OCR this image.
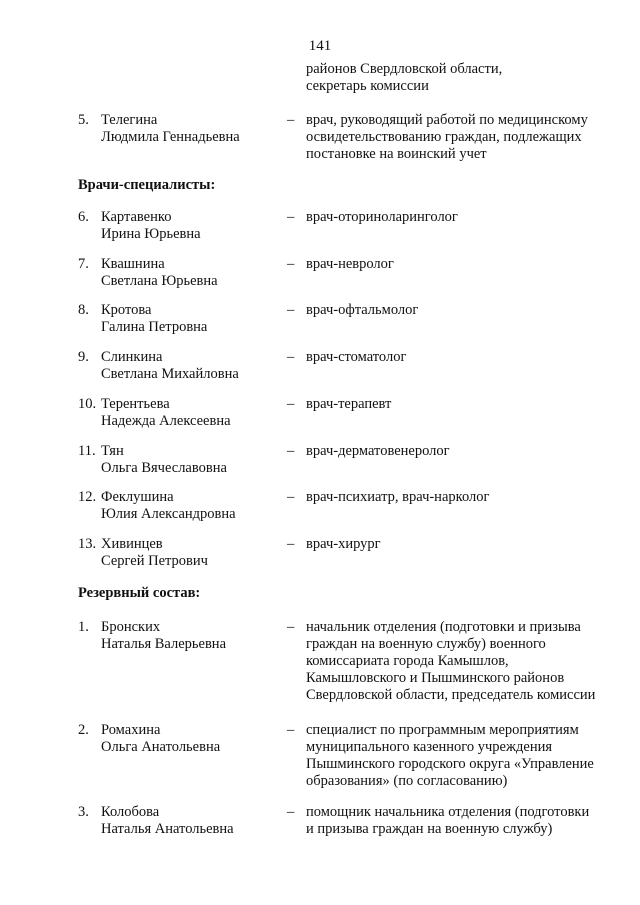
141
районов Свердловской области,
секретарь комиссии
5. Телегина
Людмила Геннадьевна
– врач, руководящий работой по медицинскому
освидетельствованию граждан, подлежащих
постановке на воинский учет
Врачи-специалисты:
6. Картавенко
Ирина Юрьевна
– врач-оториноларинголог
7. Квашнина
Светлана Юрьевна
– врач-невролог
8. Кротова
Галина Петровна
– врач-офтальмолог
9. Слинкина
Светлана Михайловна
– врач-стоматолог
10. Терентьева
Надежда Алексеевна
– врач-терапевт
11. Тян
Ольга Вячеславовна
– врач-дерматовенеролог
12. Феклушина
Юлия Александровна
– врач-психиатр, врач-нарколог
13. Хивинцев
Сергей Петрович
– врач-хирург
Резервный состав:
1. Бронских
Наталья Валерьевна
– начальник отделения (подготовки и призыва
граждан на военную службу) военного
комиссариата города Камышлов,
Камышловского и Пышминского районов
Свердловской области, председатель комиссии
2. Ромахина
Ольга Анатольевна
– специалист по программным мероприятиям
муниципального казенного учреждения
Пышминского городского округа «Управление
образования» (по согласованию)
3. Колобова
Наталья Анатольевна
– помощник начальника отделения (подготовки
и призыва граждан на военную службу)
